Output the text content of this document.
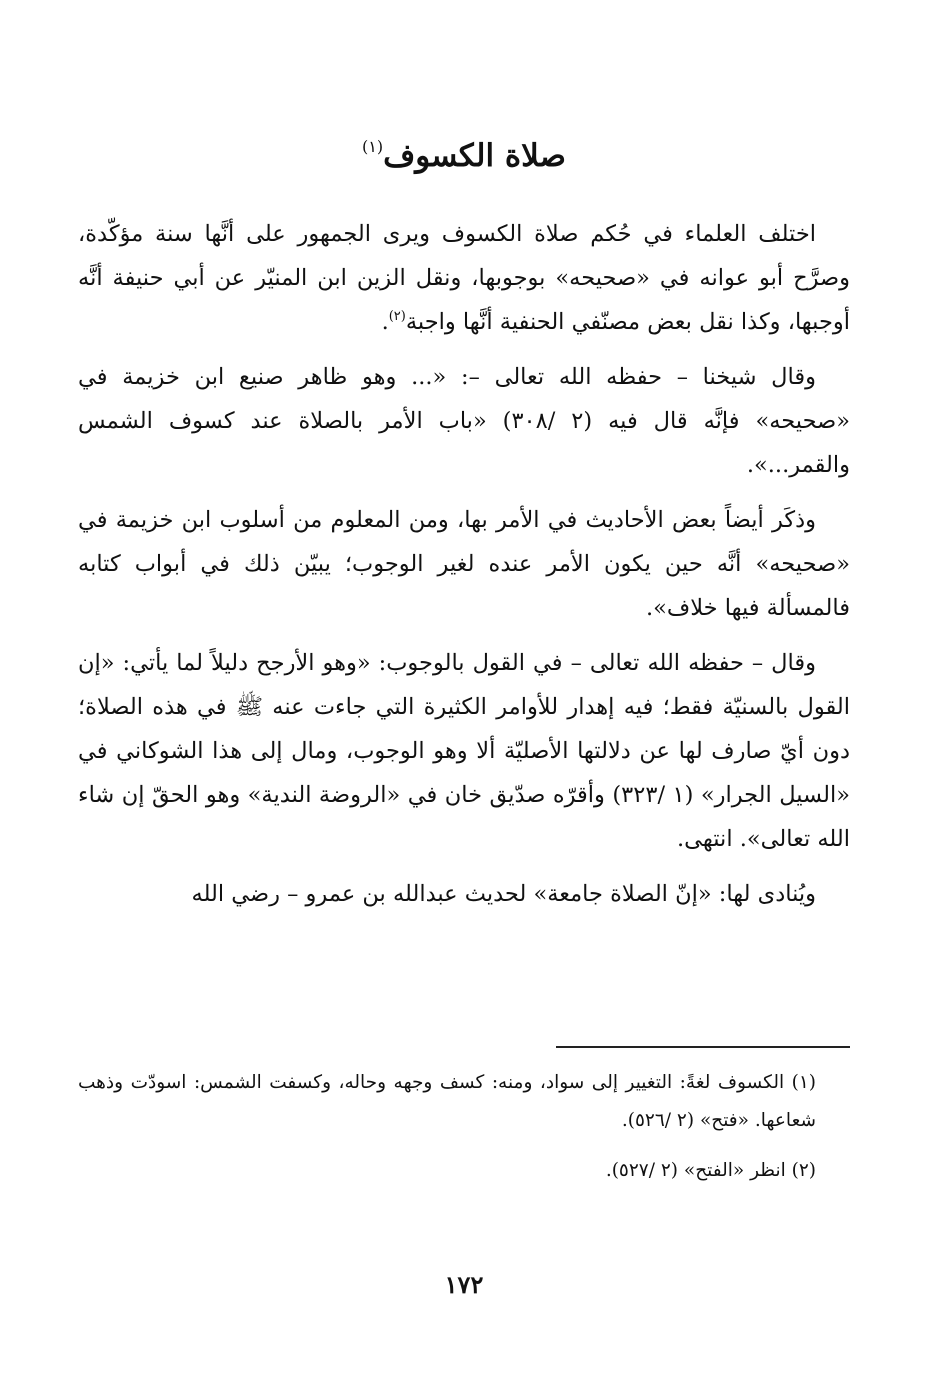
صلاة الكسوف$^{(١)}$

اختلف العلماء في حُكم صلاة الكسوف ويرى الجمهور على أنَّها سنة مؤكّدة، وصرَّح أبو عوانه في «صحيحه» بوجوبها، ونقل الزين ابن المنيّر عن أبي حنيفة أنَّه أوجبها، وكذا نقل بعض مصنّفي الحنفية أنَّها واجبة$^{(٢)}$.

وقال شيخنا – حفظه الله تعالى –: «... وهو ظاهر صنيع ابن خزيمة في «صحيحه» فإنَّه قال فيه (٢ /٣٠٨) «باب الأمر بالصلاة عند كسوف الشمس والقمر...».

وذكَر أيضاً بعض الأحاديث في الأمر بها، ومن المعلوم من أسلوب ابن خزيمة في «صحيحه» أنَّه حين يكون الأمر عنده لغير الوجوب؛ يبيّن ذلك في أبواب كتابه فالمسألة فيها خلاف».

وقال – حفظه الله تعالى – في القول بالوجوب: «وهو الأرجح دليلاً لما يأتي: «إن القول بالسنيّة فقط؛ فيه إهدار للأوامر الكثيرة التي جاءت عنه ﷺ في هذه الصلاة؛ دون أيّ صارف لها عن دلالتها الأصليّة ألا وهو الوجوب، ومال إلى هذا الشوكاني في «السيل الجرار» (١ /٣٢٣) وأقرّه صدّيق خان في «الروضة الندية» وهو الحقّ إن شاء الله تعالى». انتهى.

ويُنادى لها: «إنّ الصلاة جامعة» لحديث عبدالله بن عمرو – رضي الله

(١) الكسوف لغةً: التغيير إلى سواد، ومنه: كسف وجهه وحاله، وكسفت الشمس: اسودّت وذهب شعاعها. «فتح» (٢ /٥٢٦).

(٢) انظر «الفتح» (٢ /٥٢٧).

١٧٢
